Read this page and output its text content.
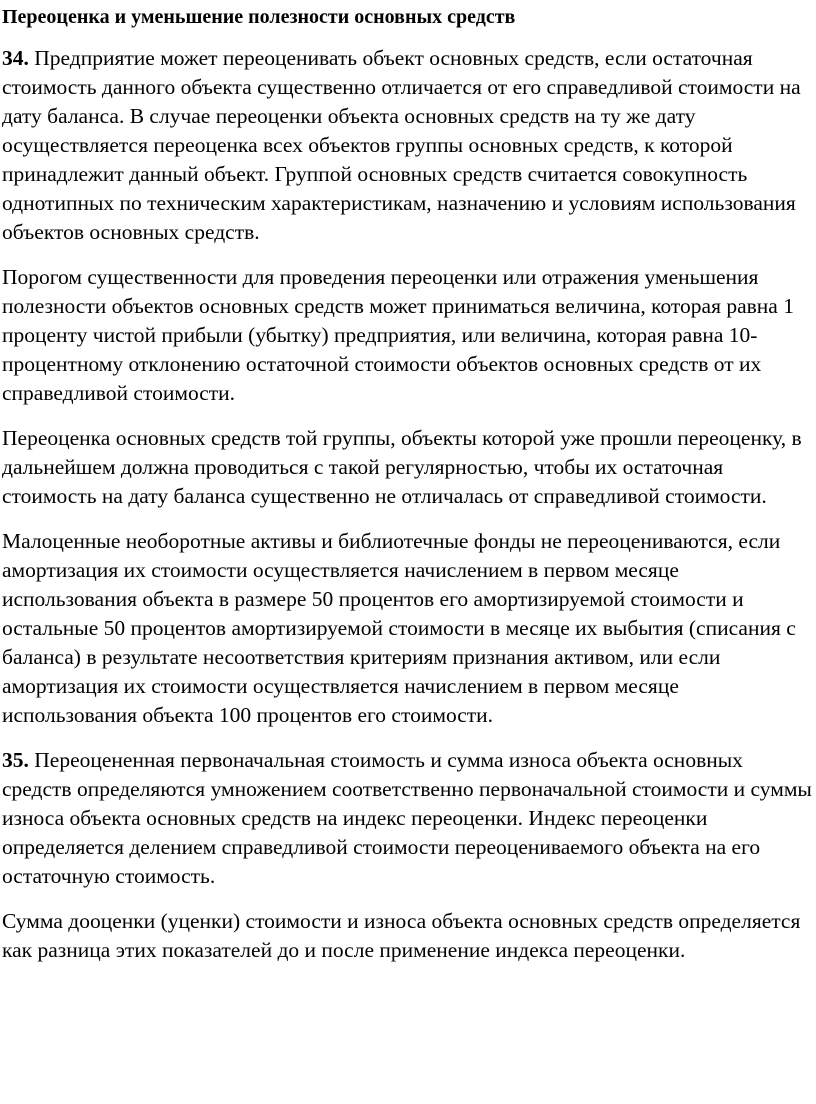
Переоценка и уменьшение полезности основных средств

34. Предприятие может переоценивать объект основных средств, если остаточная стоимость данного объекта существенно отличается от его справедливой стоимости на дату баланса. В случае переоценки объекта основных средств на ту же дату осуществляется переоценка всех объектов группы основных средств, к которой принадлежит данный объект. Группой основных средств считается совокупность однотипных по техническим характеристикам, назначению и условиям использования объектов основных средств.

Порогом существенности для проведения переоценки или отражения уменьшения полезности объектов основных средств может приниматься величина, которая равна 1 проценту чистой прибыли (убытку) предприятия, или величина, которая равна 10-процентному отклонению остаточной стоимости объектов основных средств от их справедливой стоимости.

Переоценка основных средств той группы, объекты которой уже прошли переоценку, в дальнейшем должна проводиться с такой регулярностью, чтобы их остаточная стоимость на дату баланса существенно не отличалась от справедливой стоимости.

Малоценные необоротные активы и библиотечные фонды не переоцениваются, если амортизация их стоимости осуществляется начислением в первом месяце использования объекта в размере 50 процентов его амортизируемой стоимости и остальные 50 процентов амортизируемой стоимости в месяце их выбытия (списания с баланса) в результате несоответствия критериям признания активом, или если амортизация их стоимости осуществляется начислением в первом месяце использования объекта 100 процентов его стоимости.

35. Переоцененная первоначальная стоимость и сумма износа объекта основных средств определяются умножением соответственно первоначальной стоимости и суммы износа объекта основных средств на индекс переоценки. Индекс переоценки определяется делением справедливой стоимости переоцениваемого объекта на его остаточную стоимость.

Сумма дооценки (уценки) стоимости и износа объекта основных средств определяется как разница этих показателей до и после применение индекса переоценки.
